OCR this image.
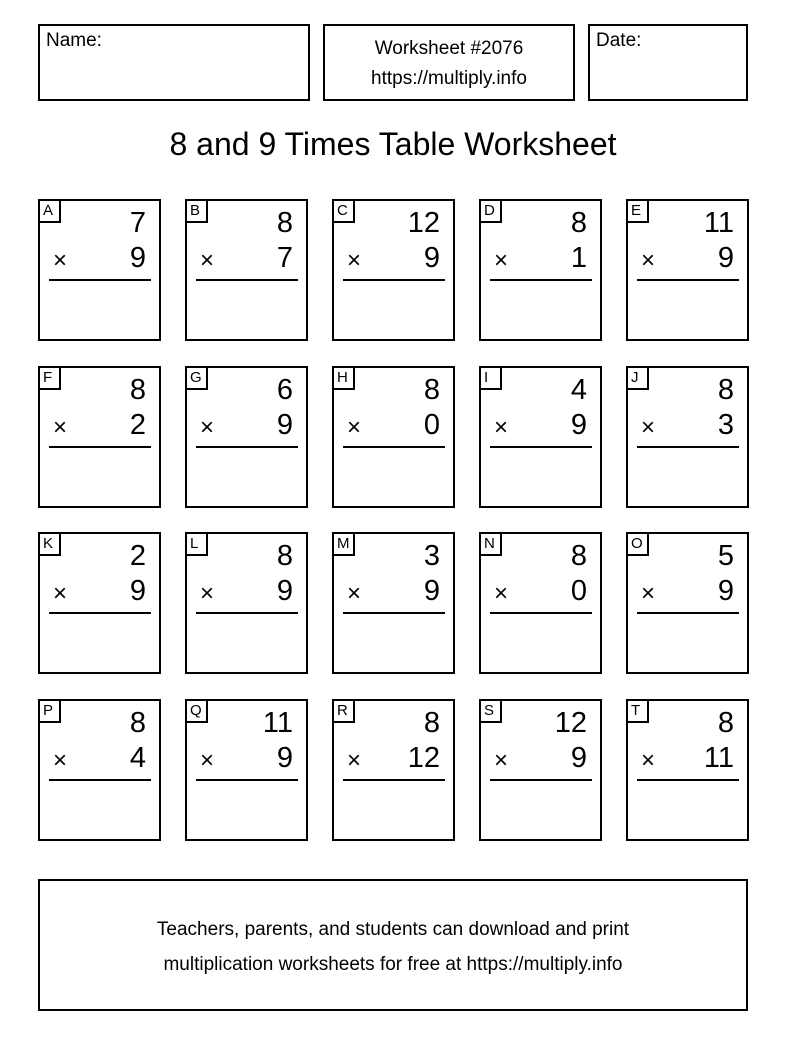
Name:	Worksheet #2076
https://multiply.info
Date:
8 and 9 Times Table Worksheet
A	7
× 9
B	8
× 7
C 12
× 9
D	8
× 1
E 11
× 9
F	8
× 2
G	6
× 9
H	8
× 0
I	4
× 9
J	8
× 3
K	2
× 9
L	8
× 9
M	3
× 9
N	8
× 0
O	5
× 9
P	8
× 4
Q 11
× 9
R	8
× 12
S 12
× 9
T	8
× 11
Teachers, parents, and students can download and print
multiplication worksheets for free at https://multiply.info
